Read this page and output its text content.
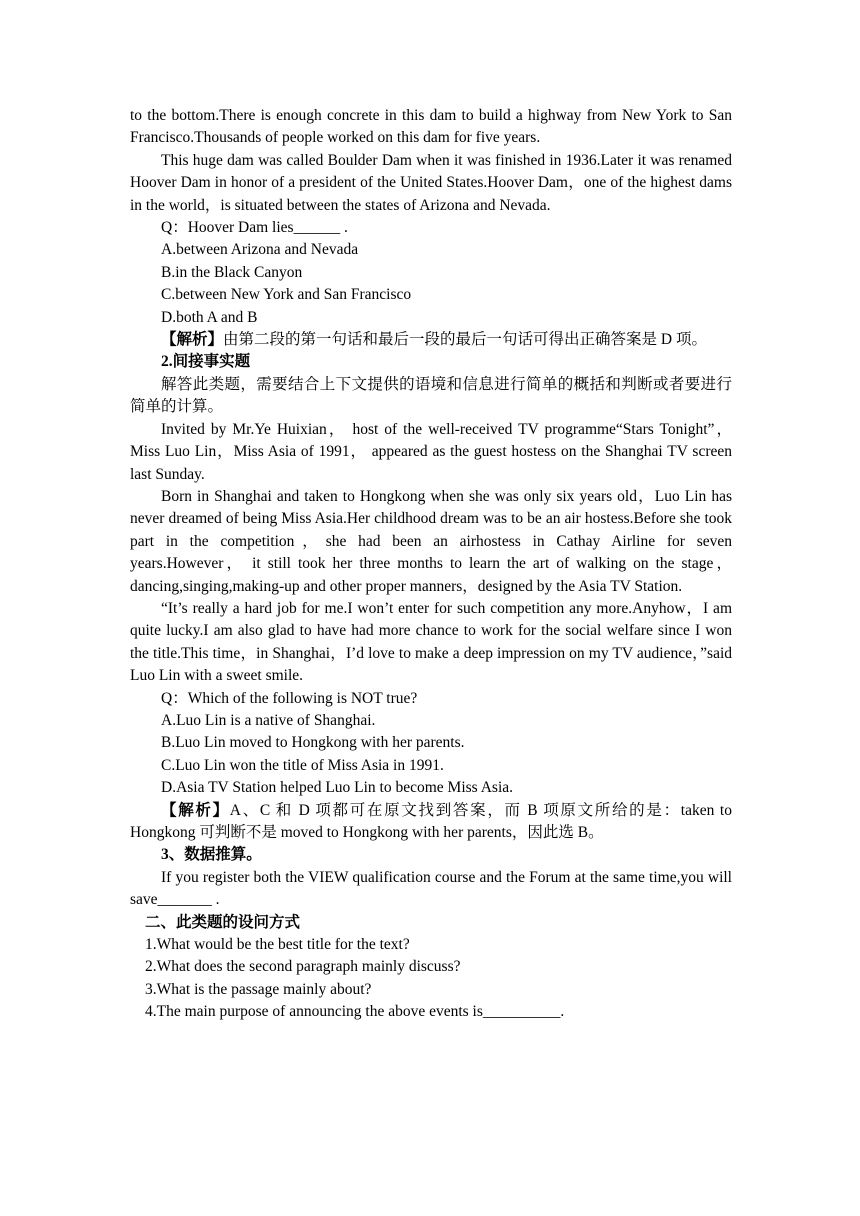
to the bottom.There is enough concrete in this dam to build a highway from New York to San Francisco.Thousands of people worked on this dam for five years.

This huge dam was called Boulder Dam when it was finished in 1936.Later it was renamed Hoover Dam in honor of a president of the United States.Hoover Dam，one of the highest dams in the world，is situated between the states of Arizona and Nevada.

Q：Hoover Dam lies______ .

A.between Arizona and Nevada

B.in the Black Canyon

C.between New York and San Francisco

D.both A and B

【解析】由第二段的第一句话和最后一段的最后一句话可得出正确答案是 D 项。

2.间接事实题

解答此类题，需要结合上下文提供的语境和信息进行简单的概括和判断或者要进行简单的计算。

Invited by Mr.Ye Huixian， host of the well-received TV programme“Stars Tonight”，Miss Luo Lin，Miss Asia of 1991， appeared as the guest hostess on the Shanghai TV screen last Sunday.

Born in Shanghai and taken to Hongkong when she was only six years old，Luo Lin has never dreamed of being Miss Asia.Her childhood dream was to be an air hostess.Before she took part in the competition，she had been an airhostess in Cathay Airline for seven years.However， it still took her three months to learn the art of walking on the stage，dancing,singing,making-up and other proper manners，designed by the Asia TV Station.

“It’s really a hard job for me.I won’t enter for such competition any more.Anyhow，I am quite lucky.I am also glad to have had more chance to work for the social welfare since I won the title.This time，in Shanghai，I’d love to make a deep impression on my TV audience，”said Luo Lin with a sweet smile.

Q：Which of the following is NOT true?

A.Luo Lin is a native of Shanghai.

B.Luo Lin moved to Hongkong with her parents.

C.Luo Lin won the title of Miss Asia in 1991.

D.Asia TV Station helped Luo Lin to become Miss Asia.

【解析】A、C 和 D 项都可在原文找到答案，而 B 项原文所给的是：taken to Hongkong 可判断不是 moved to Hongkong with her parents，因此选 B。

3、数据推算。

If you register both the VIEW qualification course and the Forum at the same time,you will save_______ .

二、此类题的设问方式

1.What would be the best title for the text?

2.What does the second paragraph mainly discuss?

3.What is the passage mainly about?

4.The main purpose of announcing the above events is__________.
